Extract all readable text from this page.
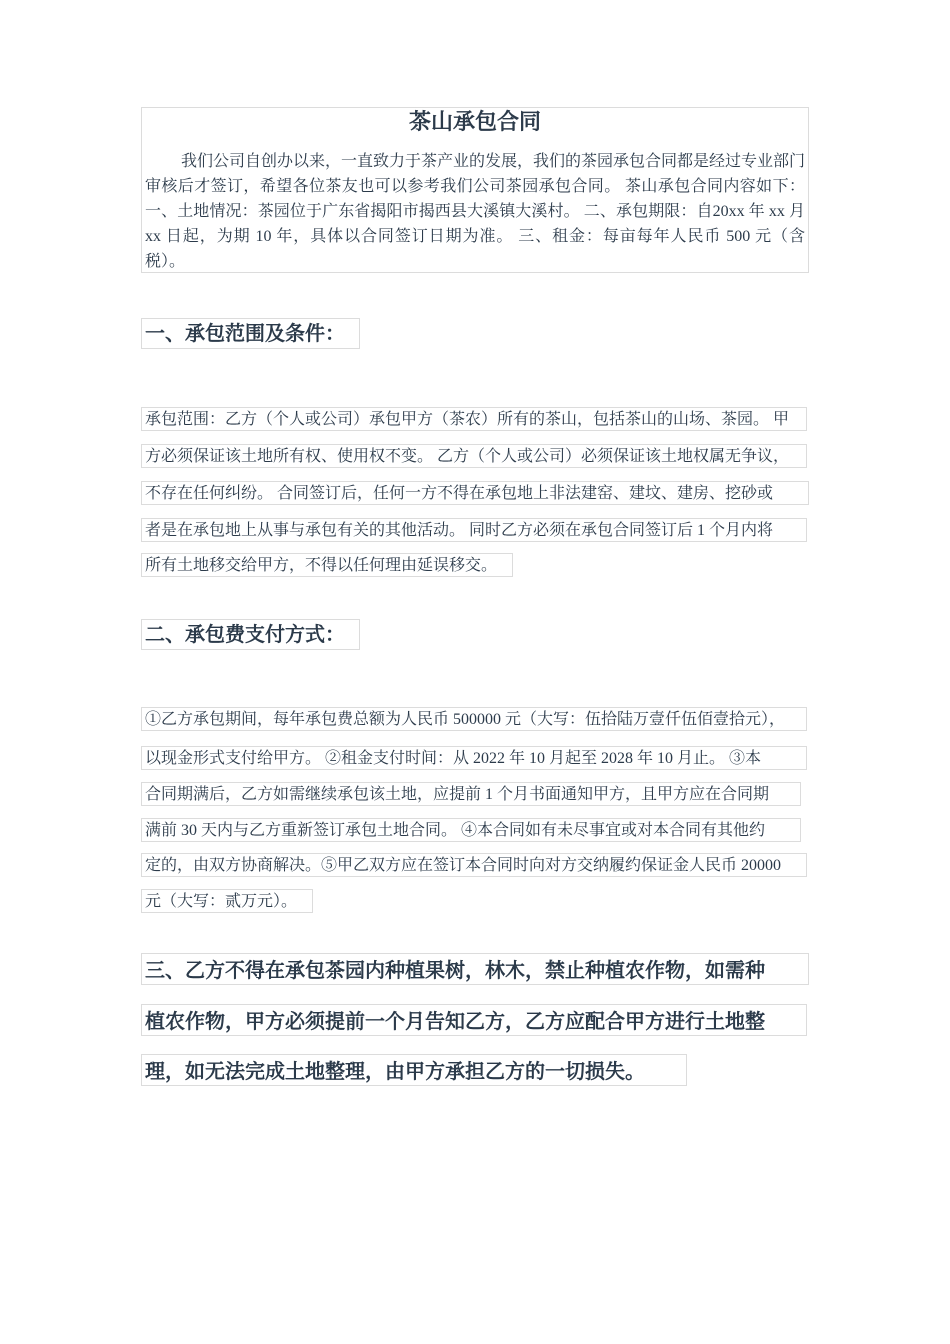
茶山承包合同

我们公司自创办以来，一直致力于茶产业的发展，我们的茶园承包合同都是经过专业部门审核后才签订，希望各位茶友也可以参考我们公司茶园承包合同。 茶山承包合同内容如下： 一、土地情况：茶园位于广东省揭阳市揭西县大溪镇大溪村。 二、承包期限：自20xx 年 xx 月 xx 日起，为期 10 年，具体以合同签订日期为准。 三、租金：每亩每年人民币 500 元（含税）。

一、承包范围及条件：
承包范围：乙方（个人或公司）承包甲方（茶农）所有的茶山，包括茶山的山场、茶园。 甲
方必须保证该土地所有权、使用权不变。 乙方（个人或公司）必须保证该土地权属无争议，
不存在任何纠纷。 合同签订后，任何一方不得在承包地上非法建窑、建坟、建房、挖砂或
者是在承包地上从事与承包有关的其他活动。 同时乙方必须在承包合同签订后 1 个月内将
所有土地移交给甲方，不得以任何理由延误移交。
二、承包费支付方式：
①乙方承包期间，每年承包费总额为人民币 500000 元（大写：伍拾陆万壹仟伍佰壹拾元），
以现金形式支付给甲方。 ②租金支付时间：从 2022 年 10 月起至 2028 年 10 月止。 ③本
合同期满后，乙方如需继续承包该土地，应提前 1 个月书面通知甲方，且甲方应在合同期
满前 30 天内与乙方重新签订承包土地合同。 ④本合同如有未尽事宜或对本合同有其他约
定的，由双方协商解决。⑤甲乙双方应在签订本合同时向对方交纳履约保证金人民币 20000
元（大写：贰万元）。
三、乙方不得在承包茶园内种植果树，林木，禁止种植农作物，如需种
植农作物，甲方必须提前一个月告知乙方，乙方应配合甲方进行土地整
理，如无法完成土地整理，由甲方承担乙方的一切损失。
